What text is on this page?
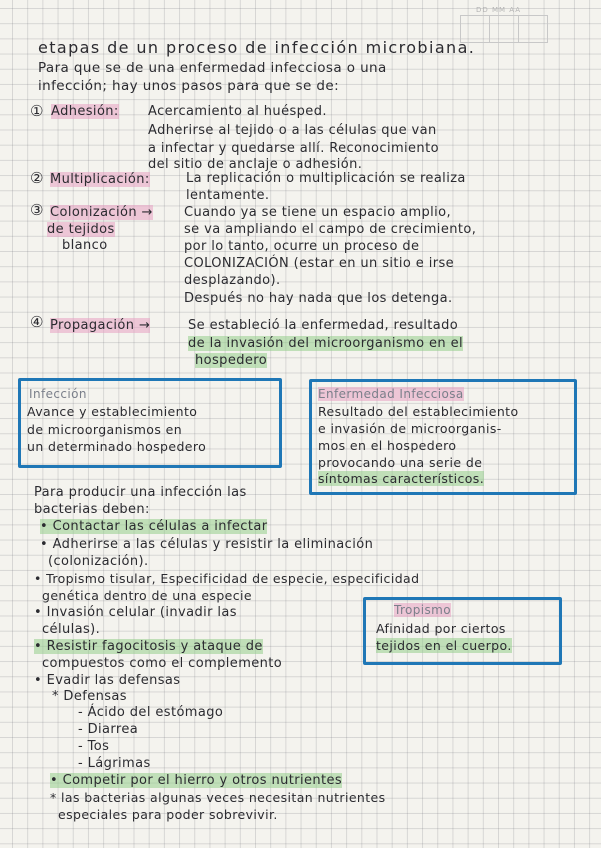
DD MM AA

etapas de un proceso de infección microbiana.

Para que se de una enfermedad infecciosa o una

infección; hay unos pasos para que se de:

① Adhesión: Acercamiento al huésped.

Adherirse al tejido o a las células que van

a infectar y quedarse allí. Reconocimiento

del sitio de anclaje o adhesión.

② Multiplicación:	La replicación o multiplicación se realiza

lentamente.

③ Colonización →

de tejidos

blanco

Cuando ya se tiene un espacio amplio,

se va ampliando el campo de crecimiento,

por lo tanto, ocurre un proceso de

COLONIZACIÓN (estar en un sitio e irse

desplazando).

Después no hay nada que los detenga.

④ Propagación →	Se estableció la enfermedad, resultado

de la invasión del microorganismo en el

hospedero

Infección

Avance y establecimiento

de microorganismos en

un determinado hospedero

Enfermedad Infecciosa

Resultado del establecimiento

e invasión de microorganis-

mos en el hospedero

provocando una serie de

síntomas característicos.

Para producir una infección las

bacterias deben:

• Contactar las células a infectar

• Adherirse a las células y resistir la eliminación

(colonización).

• Tropismo tisular, Especificidad de especie, especificidad

genética dentro de una especie

• Invasión celular (invadir las

células).

• Resistir fagocitosis y ataque de

compuestos como el complemento

• Evadir las defensas

* Defensas

- Ácido del estómago

- Diarrea

- Tos

- Lágrimas

• Competir por el hierro y otros nutrientes

* las bacterias algunas veces necesitan nutrientes

especiales para poder sobrevivir.

Tropismo

Afinidad por ciertos

tejidos en el cuerpo.
